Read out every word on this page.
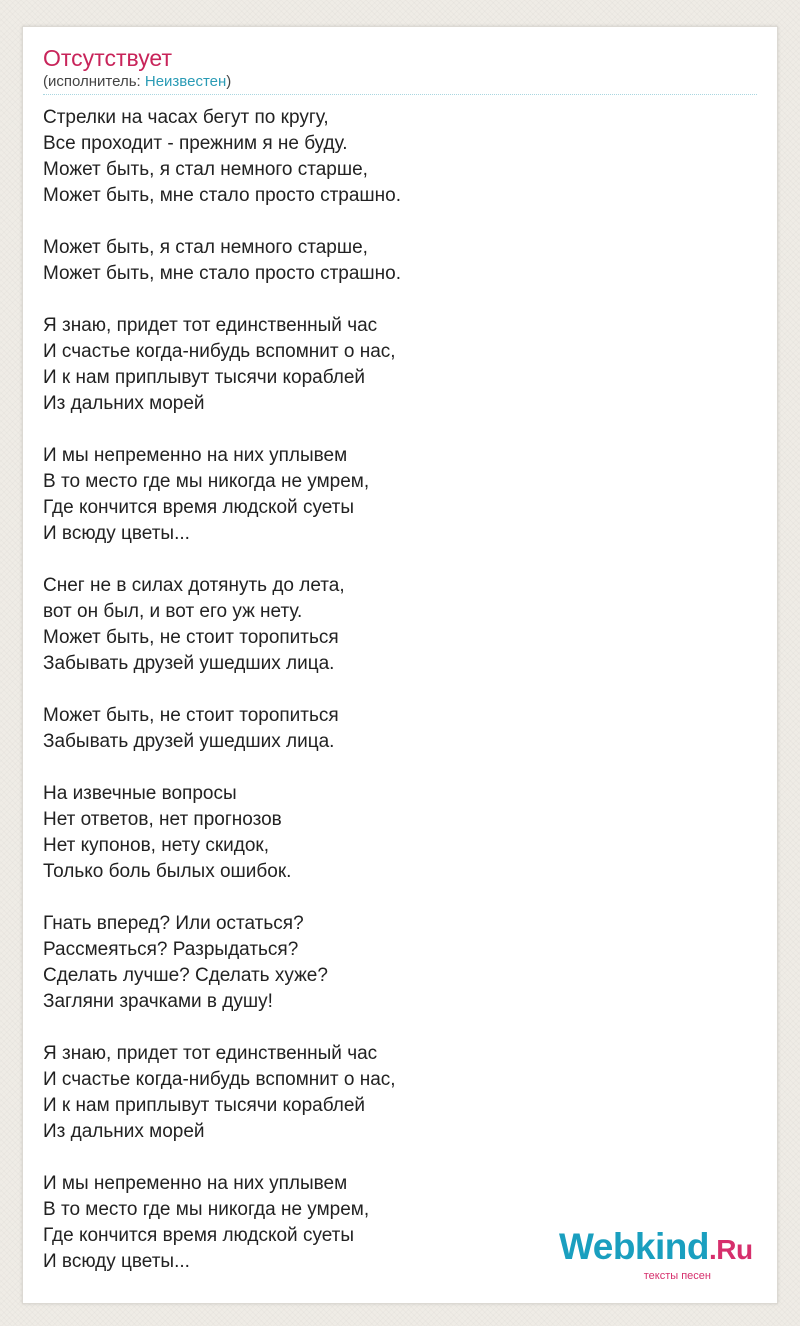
Отсутствует
(исполнитель: Неизвестен)
Стрелки на часах бегут по кругу,
Все проходит - прежним я не буду.
Может быть, я стал немного старше,
Может быть, мне стало просто страшно.
Может быть, я стал немного старше,
Может быть, мне стало просто страшно.
Я знаю, придет тот единственный час
И счастье когда-нибудь вспомнит о нас,
И к нам приплывут тысячи кораблей
Из дальних морей
И мы непременно на них уплывем
В то место где мы никогда не умрем,
Где кончится время людской суеты
И всюду цветы...
Снег не в силах дотянуть до лета,
вот он был, и вот его уж нету.
Может быть, не стоит торопиться
Забывать друзей ушедших лица.
Может быть, не стоит торопиться
Забывать друзей ушедших лица.
На извечные вопросы
Нет ответов, нет прогнозов
Нет купонов, нету скидок,
Только боль былых ошибок.
Гнать вперед? Или остаться?
Рассмеяться? Разрыдаться?
Сделать лучше? Сделать хуже?
Загляни зрачками в душу!
Я знаю, придет тот единственный час
И счастье когда-нибудь вспомнит о нас,
И к нам приплывут тысячи кораблей
Из дальних морей
И мы непременно на них уплывем
В то место где мы никогда не умрем,
Где кончится время людской суеты
И всюду цветы...	Webkind.Ru
тексты песен
